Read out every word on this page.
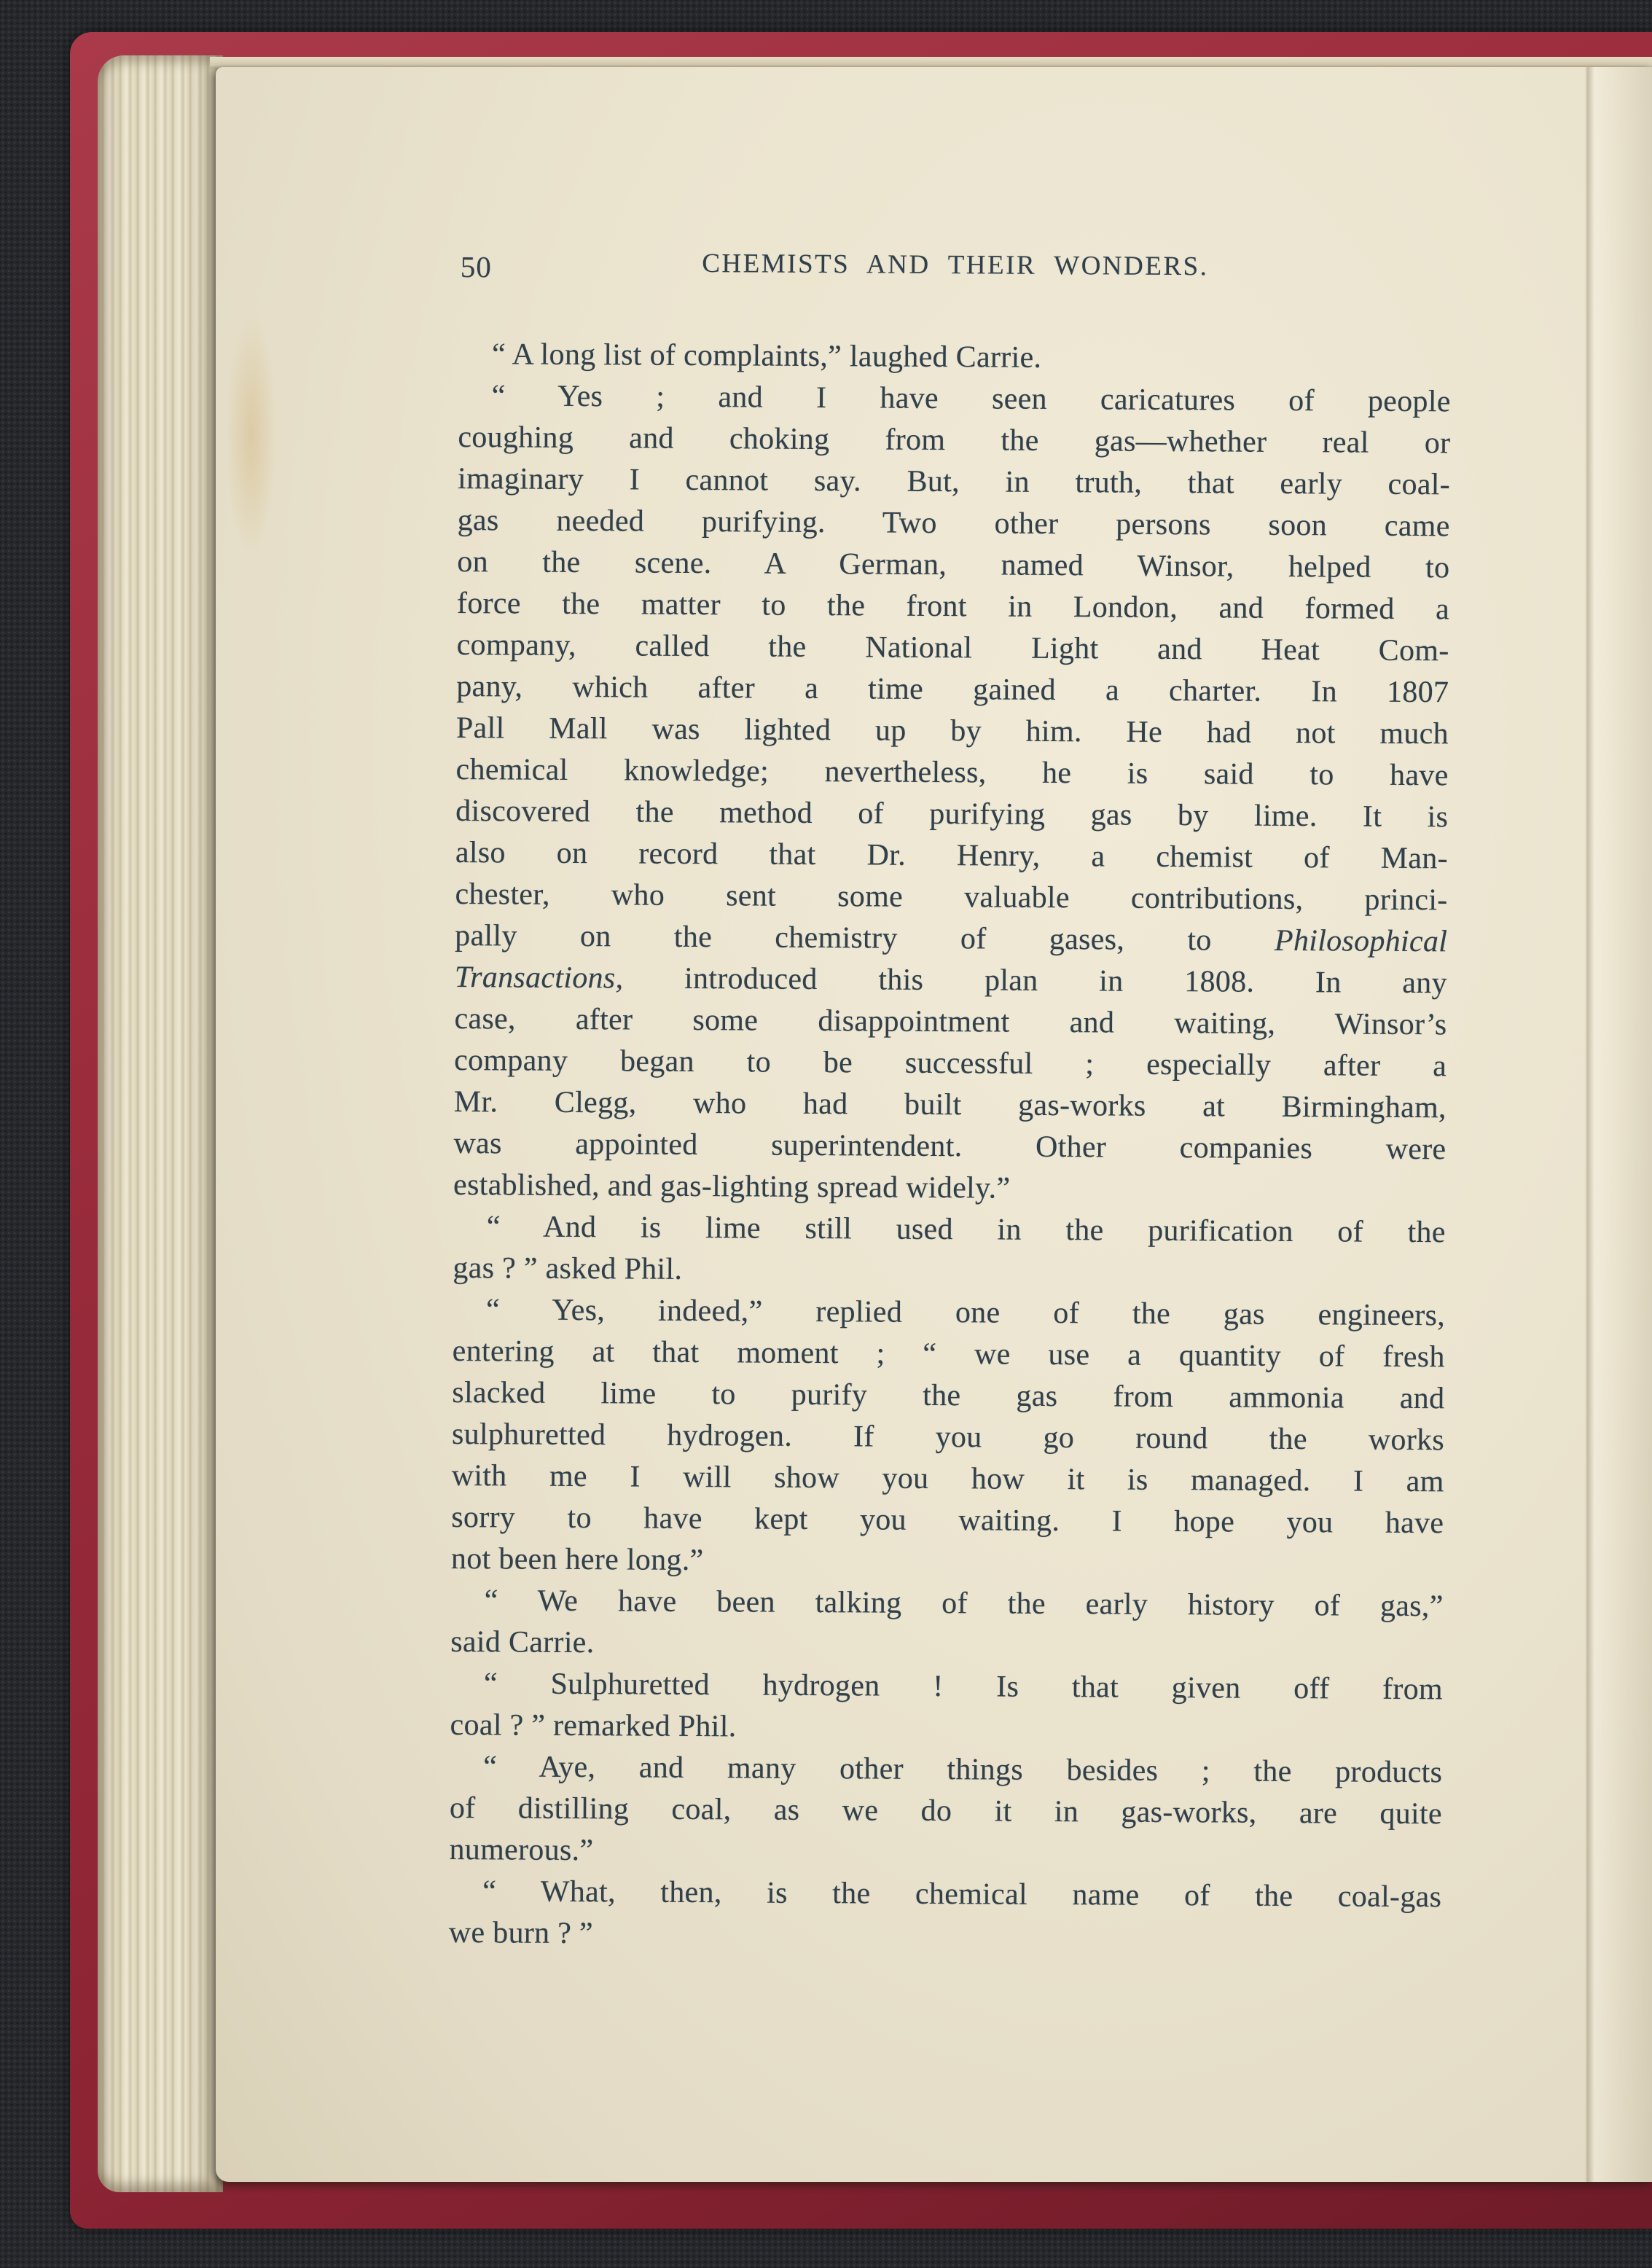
50	CHEMISTS AND THEIR WONDERS.
“ A long list of complaints,” laughed Carrie.
“ Yes ; and I have seen caricatures of people
coughing and choking from the gas—whether real or
imaginary I cannot say. But, in truth, that early coal-
gas needed purifying. Two other persons soon came
on the scene. A German, named Winsor, helped to
force the matter to the front in London, and formed a
company, called the National Light and Heat Com-
pany, which after a time gained a charter. In 1807
Pall Mall was lighted up by him. He had not much
chemical knowledge; nevertheless, he is said to have
discovered the method of purifying gas by lime. It is
also on record that Dr. Henry, a chemist of Man-
chester, who sent some valuable contributions, princi-
pally on the chemistry of gases, to Philosophical
Transactions, introduced this plan in 1808. In any
case, after some disappointment and waiting, Winsor’s
company began to be successful ; especially after a
Mr. Clegg, who had built gas-works at Birmingham,
was appointed superintendent. Other companies were
established, and gas-lighting spread widely.”
“ And is lime still used in the purification of the
gas ? ” asked Phil.
“ Yes, indeed,” replied one of the gas engineers,
entering at that moment ; “ we use a quantity of fresh
slacked lime to purify the gas from ammonia and
sulphuretted hydrogen. If you go round the works
with me I will show you how it is managed. I am
sorry to have kept you waiting. I hope you have
not been here long.”
“ We have been talking of the early history of gas,”
said Carrie.
“ Sulphuretted hydrogen ! Is that given off from
coal ? ” remarked Phil.
“ Aye, and many other things besides ; the products
of distilling coal, as we do it in gas-works, are quite
numerous.”
“ What, then, is the chemical name of the coal-gas
we burn ? ”
